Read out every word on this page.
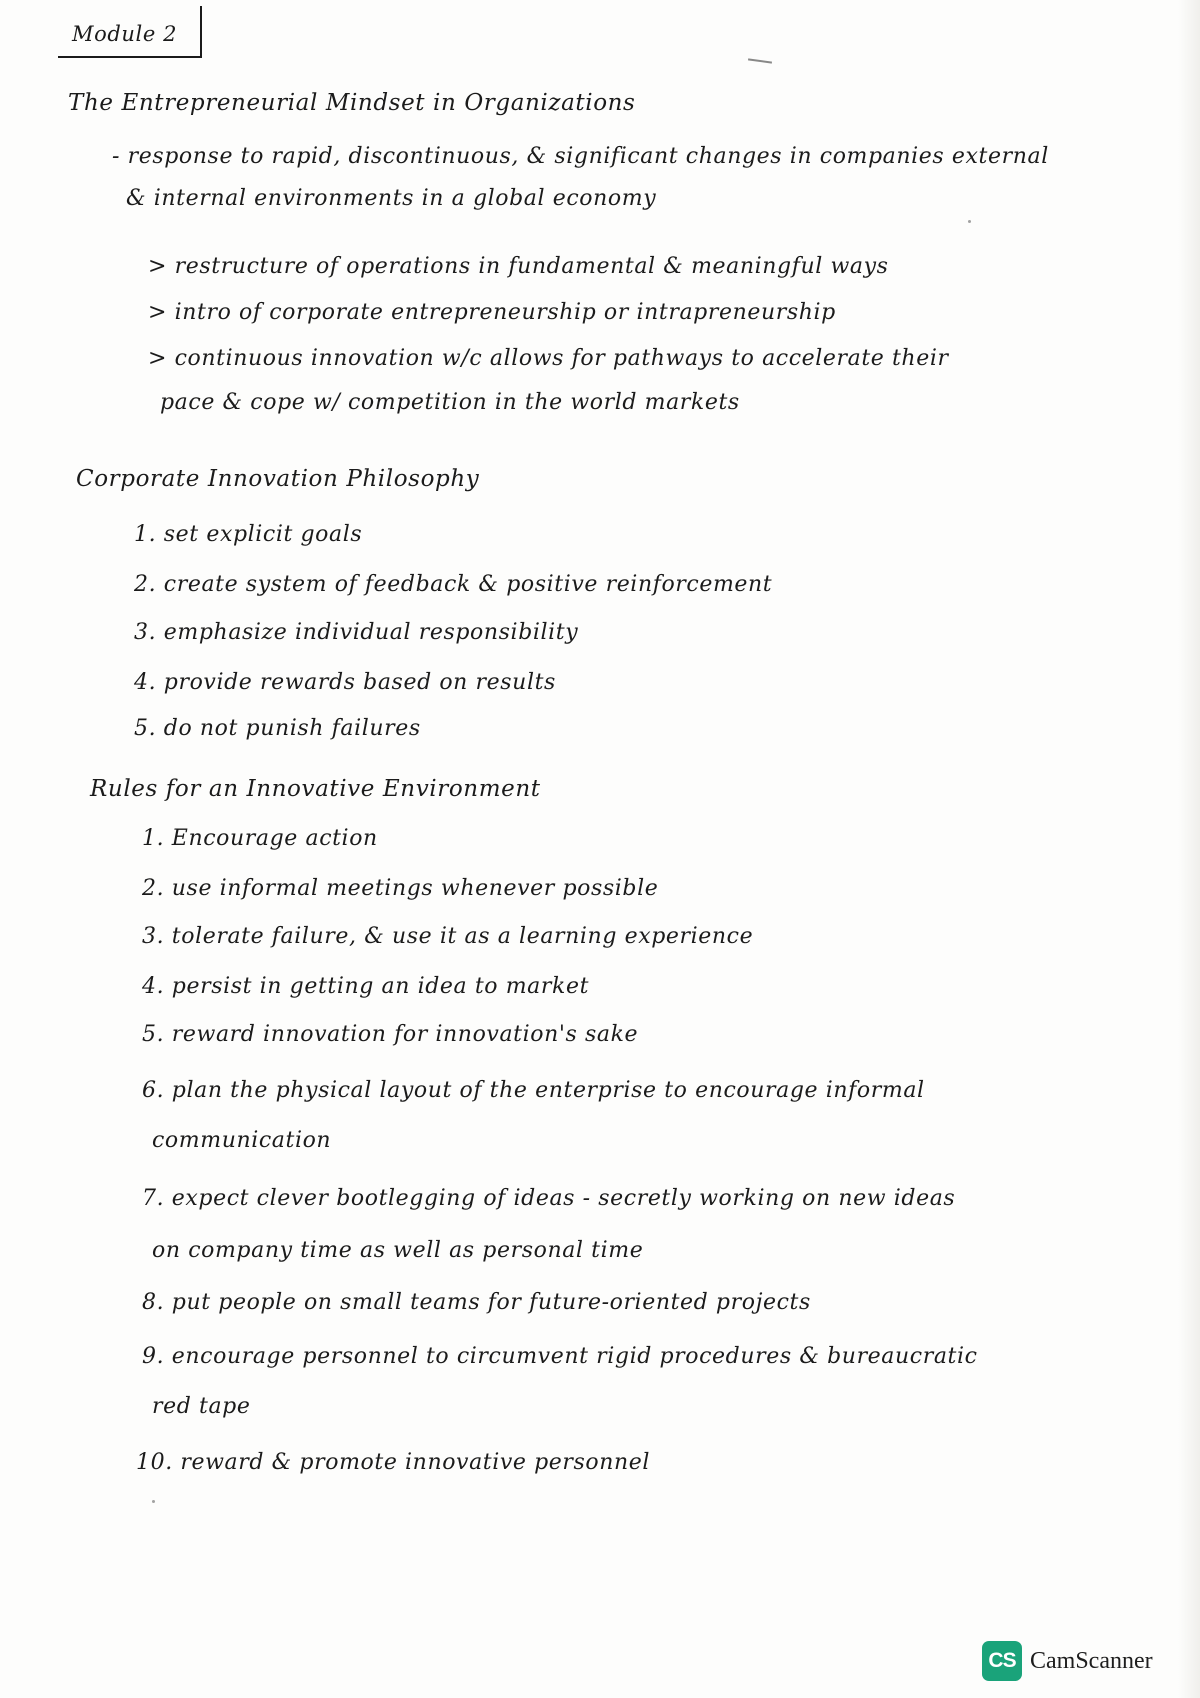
Module 2
The Entrepreneurial Mindset in Organizations
- response to rapid, discontinuous, & significant changes in companies external
& internal environments in a global economy
> restructure of operations in fundamental & meaningful ways
> intro of corporate entrepreneurship or intrapreneurship
> continuous innovation w/c allows for pathways to accelerate their
pace & cope w/ competition in the world markets
Corporate Innovation Philosophy
1. set explicit goals
2. create system of feedback & positive reinforcement
3. emphasize individual responsibility
4. provide rewards based on results
5. do not punish failures
Rules for an Innovative Environment
1. Encourage action
2. use informal meetings whenever possible
3. tolerate failure, & use it as a learning experience
4. persist in getting an idea to market
5. reward innovation for innovation's sake
6. plan the physical layout of the enterprise to encourage informal
communication
7. expect clever bootlegging of ideas - secretly working on new ideas
on company time as well as personal time
8. put people on small teams for future-oriented projects
9. encourage personnel to circumvent rigid procedures & bureaucratic
red tape
10. reward & promote innovative personnel
CS CamScanner
